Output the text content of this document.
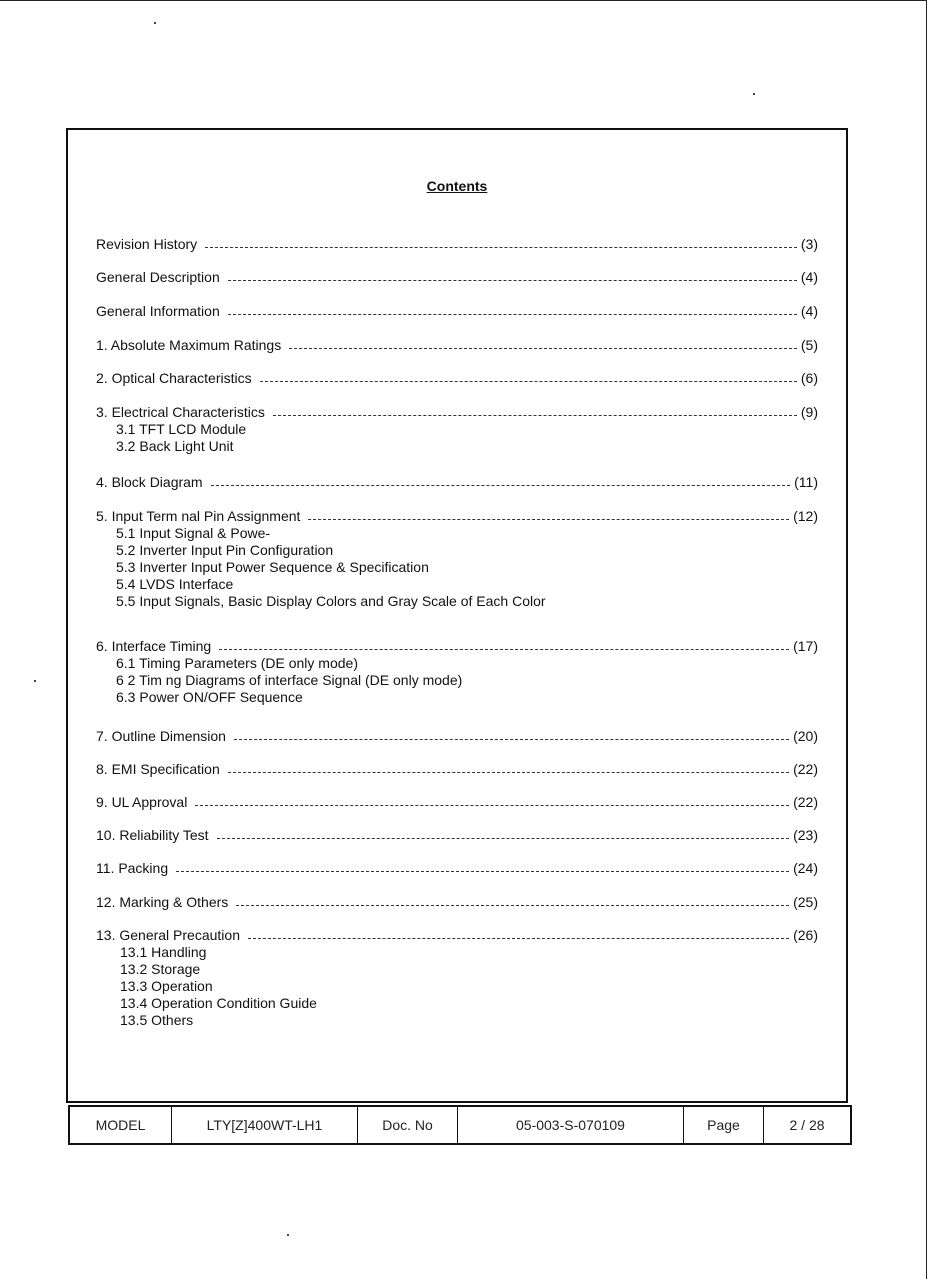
Contents
Revision History	(3)
General Description	(4)
General Information	(4)
1. Absolute Maximum Ratings	(5)
2. Optical Characteristics	(6)
3. Electrical Characteristics	(9)
3.1 TFT LCD Module
3.2 Back Light Unit
4. Block Diagram	(11)
5. Input Term nal Pin Assignment	(12)
5.1 Input Signal & Powe-
5.2 Inverter Input Pin Configuration
5.3 Inverter Input Power Sequence & Specification
5.4 LVDS Interface
5.5 Input Signals, Basic Display Colors and Gray Scale of Each Color
6. Interface Timing	(17)
6.1 Timing Parameters (DE only mode)
6 2 Tim ng Diagrams of interface Signal (DE only mode)
6.3 Power ON/OFF Sequence
7. Outline Dimension	(20)
8. EMI Specification	(22)
9. UL Approval	(22)
10. Reliability Test	(23)
11. Packing	(24)
12. Marking & Others	(25)
13. General Precaution	(26)
13.1 Handling
13.2 Storage
13.3 Operation
13.4 Operation Condition Guide
13.5 Others
MODEL	LTY[Z]400WT-LH1	Doc. No	05-003-S-070109	Page	2 / 28
